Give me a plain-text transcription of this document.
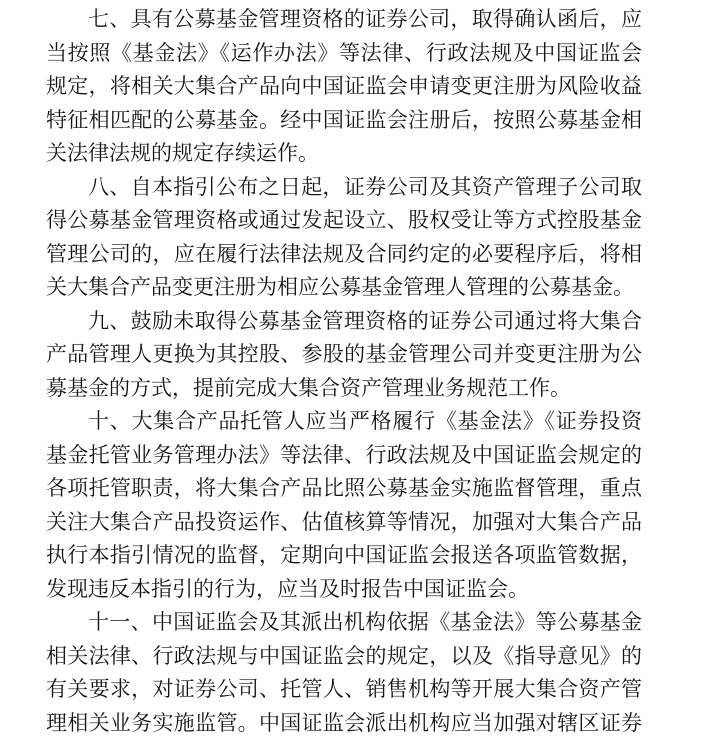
七、具有公募基金管理资格的证券公司，取得确认函后，应
当按照《基金法》《运作办法》等法律、行政法规及中国证监会
规定，将相关大集合产品向中国证监会申请变更注册为风险收益
特征相匹配的公募基金。经中国证监会注册后，按照公募基金相
关法律法规的规定存续运作。
八、自本指引公布之日起，证券公司及其资产管理子公司取
得公募基金管理资格或通过发起设立、股权受让等方式控股基金
管理公司的，应在履行法律法规及合同约定的必要程序后，将相
关大集合产品变更注册为相应公募基金管理人管理的公募基金。
九、鼓励未取得公募基金管理资格的证券公司通过将大集合
产品管理人更换为其控股、参股的基金管理公司并变更注册为公
募基金的方式，提前完成大集合资产管理业务规范工作。
十、大集合产品托管人应当严格履行《基金法》《证券投资
基金托管业务管理办法》等法律、行政法规及中国证监会规定的
各项托管职责，将大集合产品比照公募基金实施监督管理，重点
关注大集合产品投资运作、估值核算等情况，加强对大集合产品
执行本指引情况的监督，定期向中国证监会报送各项监管数据，
发现违反本指引的行为，应当及时报告中国证监会。
十一、中国证监会及其派出机构依据《基金法》等公募基金
相关法律、行政法规与中国证监会的规定，以及《指导意见》的
有关要求，对证券公司、托管人、销售机构等开展大集合资产管
理相关业务实施监管。中国证监会派出机构应当加强对辖区证券
